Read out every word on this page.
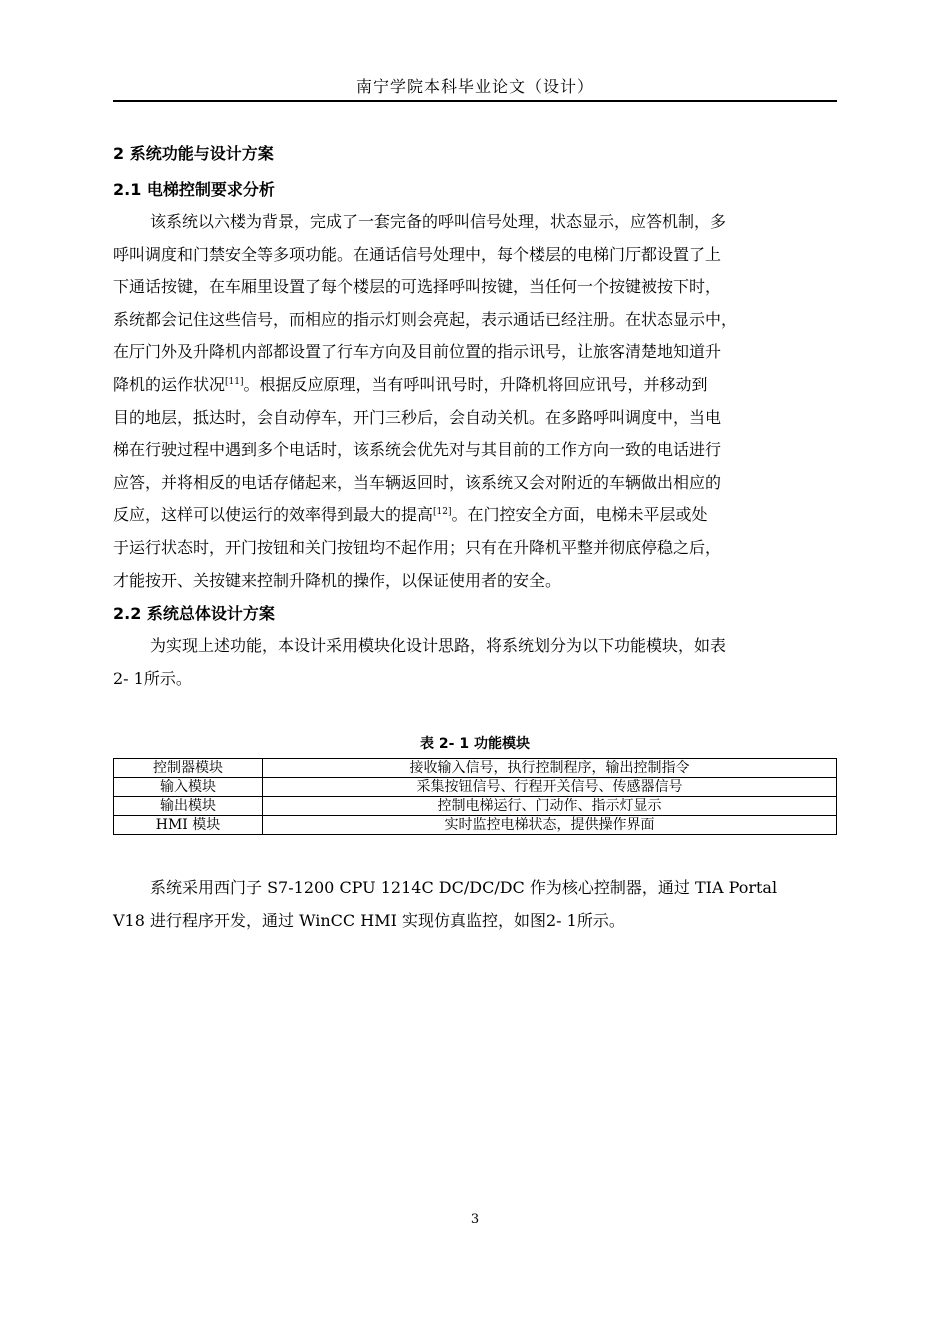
南宁学院本科毕业论文（设计）
2 系统功能与设计方案
2.1 电梯控制要求分析
该系统以六楼为背景，完成了一套完备的呼叫信号处理，状态显示，应答机制，多
呼叫调度和门禁安全等多项功能。在通话信号处理中，每个楼层的电梯门厅都设置了上
下通话按键，在车厢里设置了每个楼层的可选择呼叫按键，当任何一个按键被按下时，
系统都会记住这些信号，而相应的指示灯则会亮起，表示通话已经注册。在状态显示中，
在厅门外及升降机内部都设置了行车方向及目前位置的指示讯号，让旅客清楚地知道升
降机的运作状况[11]。根据反应原理，当有呼叫讯号时，升降机将回应讯号，并移动到
目的地层，抵达时，会自动停车，开门三秒后，会自动关机。在多路呼叫调度中，当电
梯在行驶过程中遇到多个电话时，该系统会优先对与其目前的工作方向一致的电话进行
应答，并将相反的电话存储起来，当车辆返回时，该系统又会对附近的车辆做出相应的
反应，这样可以使运行的效率得到最大的提高[12]。在门控安全方面，电梯未平层或处
于运行状态时，开门按钮和关门按钮均不起作用；只有在升降机平整并彻底停稳之后，
才能按开、关按键来控制升降机的操作，以保证使用者的安全。
2.2 系统总体设计方案
为实现上述功能，本设计采用模块化设计思路，将系统划分为以下功能模块，如表
2- 1所示。
表 2- 1 功能模块
控制器模块	接收输入信号，执行控制程序，输出控制指令
输入模块	采集按钮信号、行程开关信号、传感器信号
输出模块	控制电梯运行、门动作、指示灯显示
HMI 模块	实时监控电梯状态，提供操作界面
系统采用西门子 S7-1200 CPU 1214C DC/DC/DC 作为核心控制器，通过 TIA Portal
V18 进行程序开发，通过 WinCC HMI 实现仿真监控，如图2- 1所示。
3
